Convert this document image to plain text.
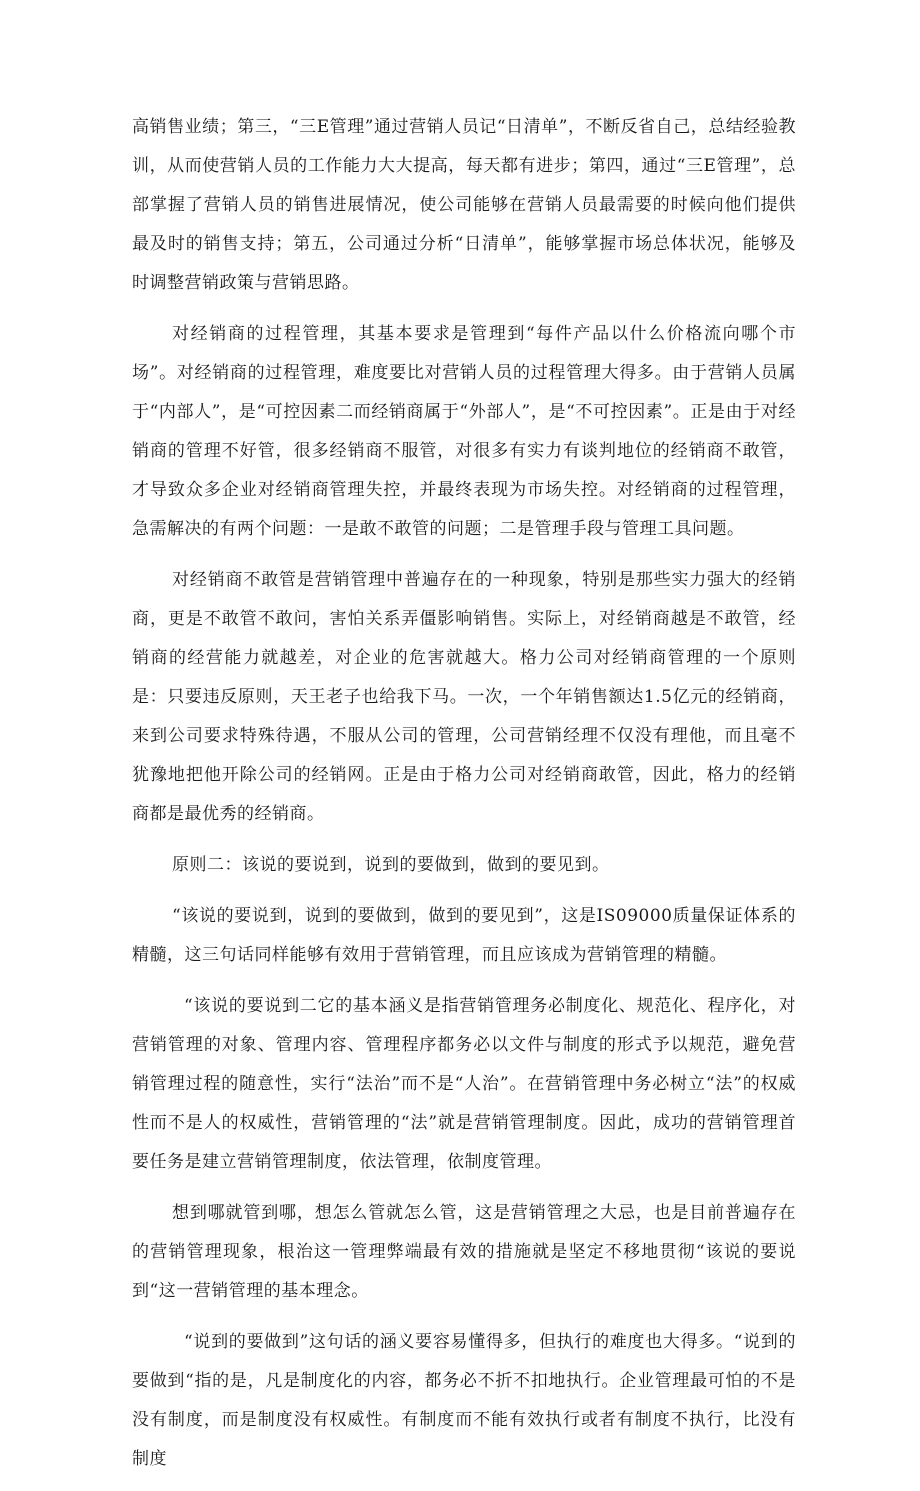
高销售业绩；第三，“三E管理”通过营销人员记“日清单”，不断反省自己，总结经验教训，从而使营销人员的工作能力大大提高，每天都有进步；第四，通过“三E管理”，总部掌握了营销人员的销售进展情况，使公司能够在营销人员最需要的时候向他们提供最及时的销售支持；第五，公司通过分析“日清单”，能够掌握市场总体状况，能够及时调整营销政策与营销思路。

对经销商的过程管理，其基本要求是管理到“每件产品以什么价格流向哪个市场”。对经销商的过程管理，难度要比对营销人员的过程管理大得多。由于营销人员属于“内部人”，是“可控因素二而经销商属于“外部人”，是“不可控因素”。正是由于对经销商的管理不好管，很多经销商不服管，对很多有实力有谈判地位的经销商不敢管，才导致众多企业对经销商管理失控，并最终表现为市场失控。对经销商的过程管理，急需解决的有两个问题：一是敢不敢管的问题；二是管理手段与管理工具问题。

对经销商不敢管是营销管理中普遍存在的一种现象，特别是那些实力强大的经销商，更是不敢管不敢问，害怕关系弄僵影响销售。实际上，对经销商越是不敢管，经销商的经营能力就越差，对企业的危害就越大。格力公司对经销商管理的一个原则是：只要违反原则，天王老子也给我下马。一次，一个年销售额达1.5亿元的经销商，来到公司要求特殊待遇，不服从公司的管理，公司营销经理不仅没有理他，而且毫不犹豫地把他开除公司的经销网。正是由于格力公司对经销商敢管，因此，格力的经销商都是最优秀的经销商。

原则二：该说的要说到，说到的要做到，做到的要见到。

“该说的要说到，说到的要做到，做到的要见到”，这是IS09000质量保证体系的精髓，这三句话同样能够有效用于营销管理，而且应该成为营销管理的精髓。

“该说的要说到二它的基本涵义是指营销管理务必制度化、规范化、程序化，对营销管理的对象、管理内容、管理程序都务必以文件与制度的形式予以规范，避免营销管理过程的随意性，实行“法治”而不是“人治”。在营销管理中务必树立“法”的权威性而不是人的权威性，营销管理的“法”就是营销管理制度。因此，成功的营销管理首要任务是建立营销管理制度，依法管理，依制度管理。

想到哪就管到哪，想怎么管就怎么管，这是营销管理之大忌，也是目前普遍存在的营销管理现象，根治这一管理弊端最有效的措施就是坚定不移地贯彻“该说的要说到“这一营销管理的基本理念。

“说到的要做到”这句话的涵义要容易懂得多，但执行的难度也大得多。“说到的要做到“指的是，凡是制度化的内容，都务必不折不扣地执行。企业管理最可怕的不是没有制度，而是制度没有权威性。有制度而不能有效执行或者有制度不执行，比没有制度
